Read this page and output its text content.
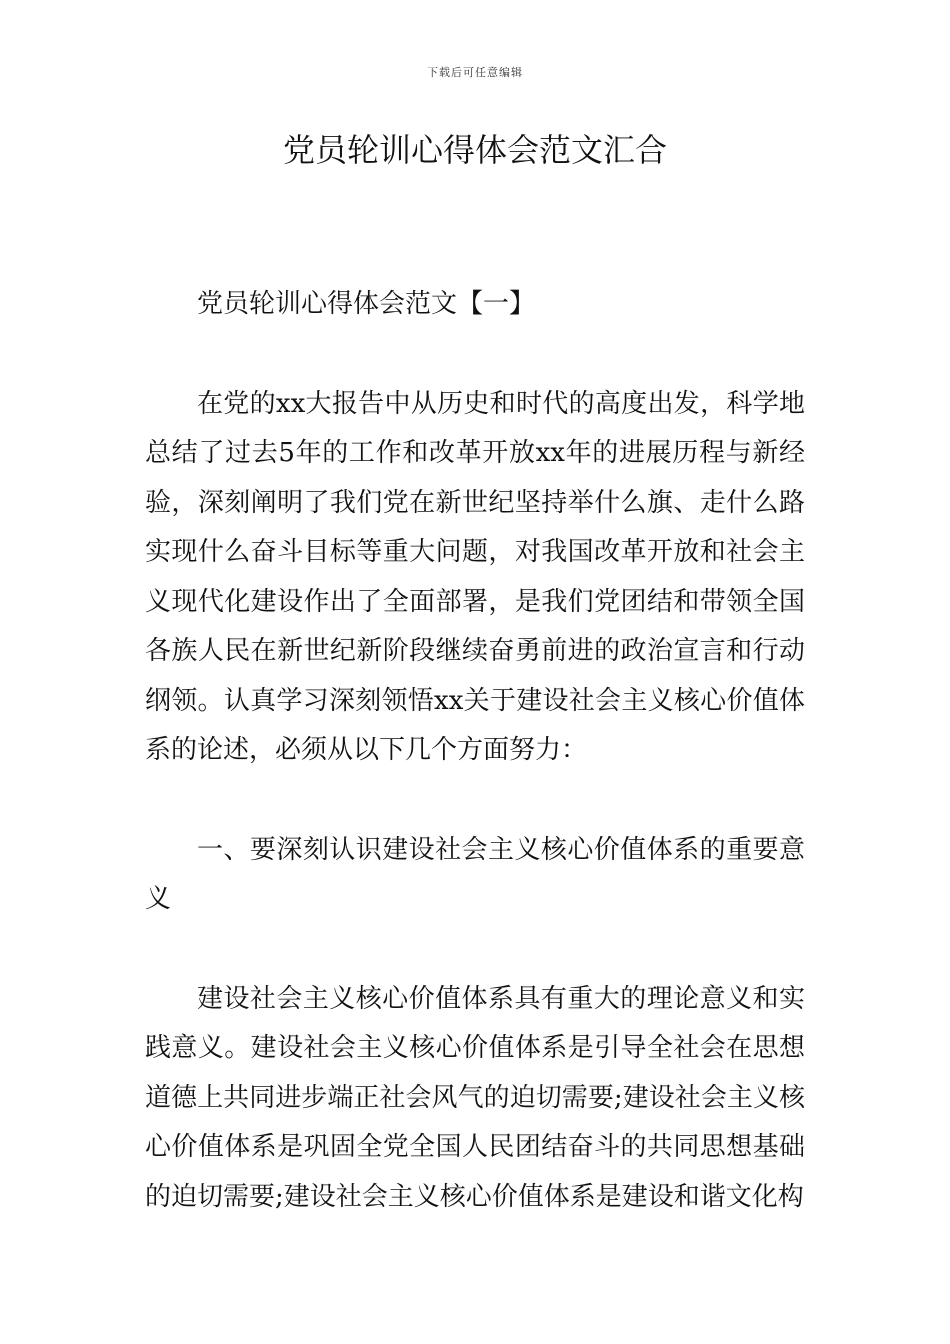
下载后可任意编辑
党员轮训心得体会范文汇合

党员轮训心得体会范文【一】

在党的xx大报告中从历史和时代的高度出发，科学地总结了过去5年的工作和改革开放xx年的进展历程与新经验，深刻阐明了我们党在新世纪坚持举什么旗、走什么路实现什么奋斗目标等重大问题，对我国改革开放和社会主义现代化建设作出了全面部署，是我们党团结和带领全国各族人民在新世纪新阶段继续奋勇前进的政治宣言和行动纲领。认真学习深刻领悟xx关于建设社会主义核心价值体系的论述，必须从以下几个方面努力：

一、要深刻认识建设社会主义核心价值体系的重要意义

建设社会主义核心价值体系具有重大的理论意义和实践意义。建设社会主义核心价值体系是引导全社会在思想道德上共同进步端正社会风气的迫切需要;建设社会主义核心价值体系是巩固全党全国人民团结奋斗的共同思想基础的迫切需要;建设社会主义核心价值体系是建设和谐文化构
